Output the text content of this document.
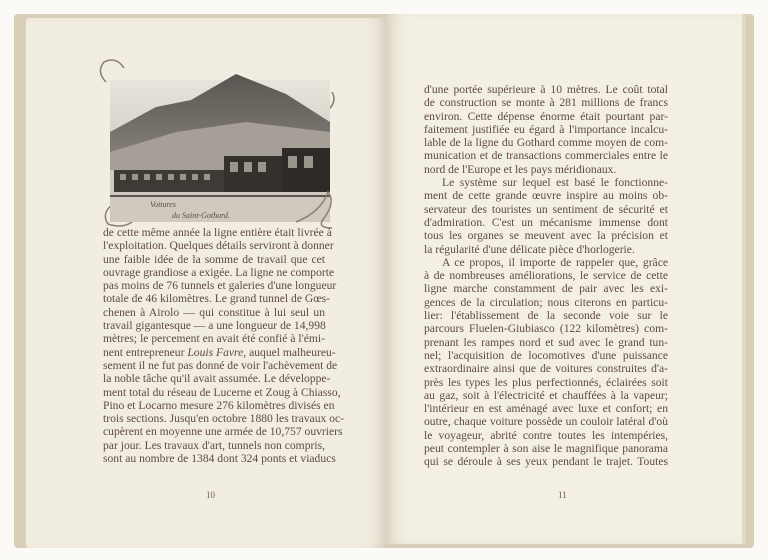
Voitures
du Saint-Gothard.
de cette même année la ligne entière était livrée à
l'exploitation. Quelques détails serviront à donner
une faible idée de la somme de travail que cet
ouvrage grandiose a exigée. La ligne ne comporte
pas moins de 76 tunnels et galeries d'une longueur
totale de 46 kilomètres. Le grand tunnel de Gœs-
chenen à Airolo — qui constitue à lui seul un
travail gigantesque — a une longueur de 14,998
mètres; le percement en avait été confié à l'émi-
nent entrepreneur Louis Favre , auquel malheureu-
sement il ne fut pas donné de voir l'achèvement de
la noble tâche qu'il avait assumée. Le développe-
ment total du réseau de Lucerne et Zoug à Chiasso,
Pino et Locarno mesure 276 kilomètres divisés en
trois sections. Jusqu'en octobre 1880 les travaux oc-
cupèrent en moyenne une armée de 10,757 ouvriers
par jour. Les travaux d'art, tunnels non compris,
sont au nombre de 1384 dont 324 ponts et viaducs
10
d'une portée supérieure à 10 mètres. Le coût total
de construction se monte à 281 millions de francs
environ. Cette dépense énorme était pourtant par-
faitement justifiée eu égard à l'importance incalcu-
lable de la ligne du Gothard comme moyen de com-
munication et de transactions commerciales entre le
nord de l'Europe et les pays méridionaux.
Le système sur lequel est basé le fonctionne-
ment de cette grande œuvre inspire au moins ob-
servateur des touristes un sentiment de sécurité et
d'admiration. C'est un mécanisme immense dont
tous les organes se meuvent avec la précision et
la régularité d'une délicate pièce d'horlogerie.
A ce propos, il importe de rappeler que, grâce
à de nombreuses améliorations, le service de cette
ligne marche constamment de pair avec les exi-
gences de la circulation; nous citerons en particu-
lier: l'établissement de la seconde voie sur le
parcours Fluelen-Giubiasco (122 kilomètres) com-
prenant les rampes nord et sud avec le grand tun-
nel; l'acquisition de locomotives d'une puissance
extraordinaire ainsi que de voitures construites d'a-
près les types les plus perfectionnés, éclairées soit
au gaz, soit à l'électricité et chauffées à la vapeur;
l'intérieur en est aménagé avec luxe et confort; en
outre, chaque voiture possède un couloir latéral d'où
le voyageur, abrité contre toutes les intempéries,
peut contempler à son aise le magnifique panorama
qui se déroule à ses yeux pendant le trajet. Toutes
11
